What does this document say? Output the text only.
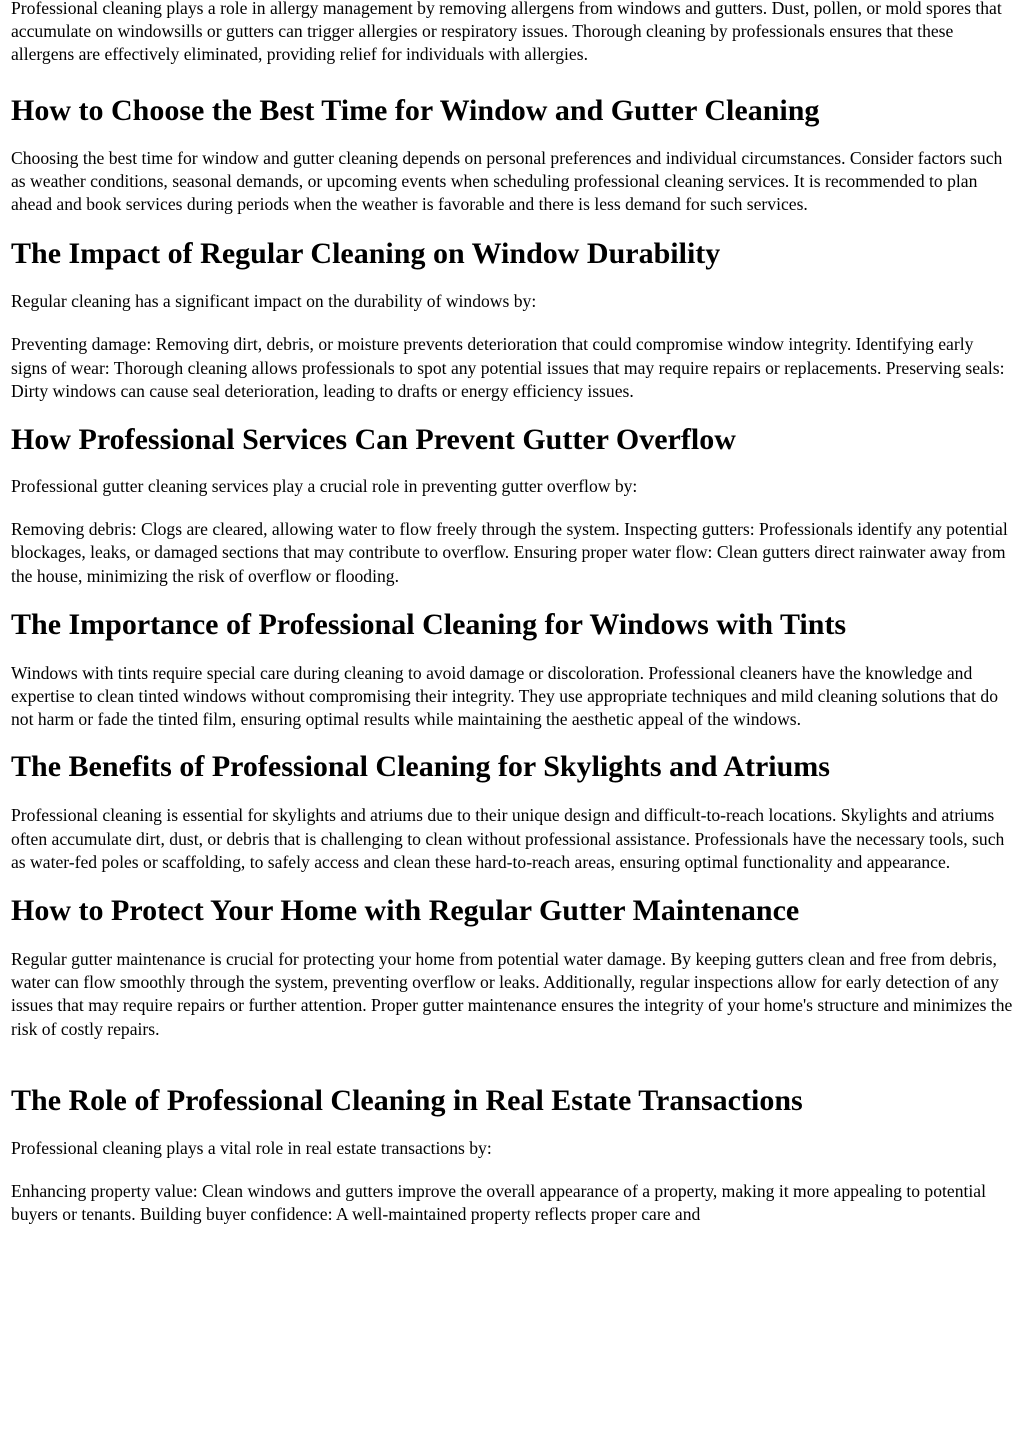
Professional cleaning plays a role in allergy management by removing allergens from windows and gutters. Dust, pollen, or mold spores that accumulate on windowsills or gutters can trigger allergies or respiratory issues. Thorough cleaning by professionals ensures that these allergens are effectively eliminated, providing relief for individuals with allergies.

How to Choose the Best Time for Window and Gutter Cleaning

Choosing the best time for window and gutter cleaning depends on personal preferences and individual circumstances. Consider factors such as weather conditions, seasonal demands, or upcoming events when scheduling professional cleaning services. It is recommended to plan ahead and book services during periods when the weather is favorable and there is less demand for such services.

The Impact of Regular Cleaning on Window Durability

Regular cleaning has a significant impact on the durability of windows by:

Preventing damage: Removing dirt, debris, or moisture prevents deterioration that could compromise window integrity. Identifying early signs of wear: Thorough cleaning allows professionals to spot any potential issues that may require repairs or replacements. Preserving seals: Dirty windows can cause seal deterioration, leading to drafts or energy efficiency issues.

How Professional Services Can Prevent Gutter Overflow

Professional gutter cleaning services play a crucial role in preventing gutter overflow by:

Removing debris: Clogs are cleared, allowing water to flow freely through the system. Inspecting gutters: Professionals identify any potential blockages, leaks, or damaged sections that may contribute to overflow. Ensuring proper water flow: Clean gutters direct rainwater away from the house, minimizing the risk of overflow or flooding.

The Importance of Professional Cleaning for Windows with Tints

Windows with tints require special care during cleaning to avoid damage or discoloration. Professional cleaners have the knowledge and expertise to clean tinted windows without compromising their integrity. They use appropriate techniques and mild cleaning solutions that do not harm or fade the tinted film, ensuring optimal results while maintaining the aesthetic appeal of the windows.

The Benefits of Professional Cleaning for Skylights and Atriums

Professional cleaning is essential for skylights and atriums due to their unique design and difficult-to-reach locations. Skylights and atriums often accumulate dirt, dust, or debris that is challenging to clean without professional assistance. Professionals have the necessary tools, such as water-fed poles or scaffolding, to safely access and clean these hard-to-reach areas, ensuring optimal functionality and appearance.

How to Protect Your Home with Regular Gutter Maintenance

Regular gutter maintenance is crucial for protecting your home from potential water damage. By keeping gutters clean and free from debris, water can flow smoothly through the system, preventing overflow or leaks. Additionally, regular inspections allow for early detection of any issues that may require repairs or further attention. Proper gutter maintenance ensures the integrity of your home's structure and minimizes the risk of costly repairs.

The Role of Professional Cleaning in Real Estate Transactions

Professional cleaning plays a vital role in real estate transactions by:

Enhancing property value: Clean windows and gutters improve the overall appearance of a property, making it more appealing to potential buyers or tenants. Building buyer confidence: A well-maintained property reflects proper care and
